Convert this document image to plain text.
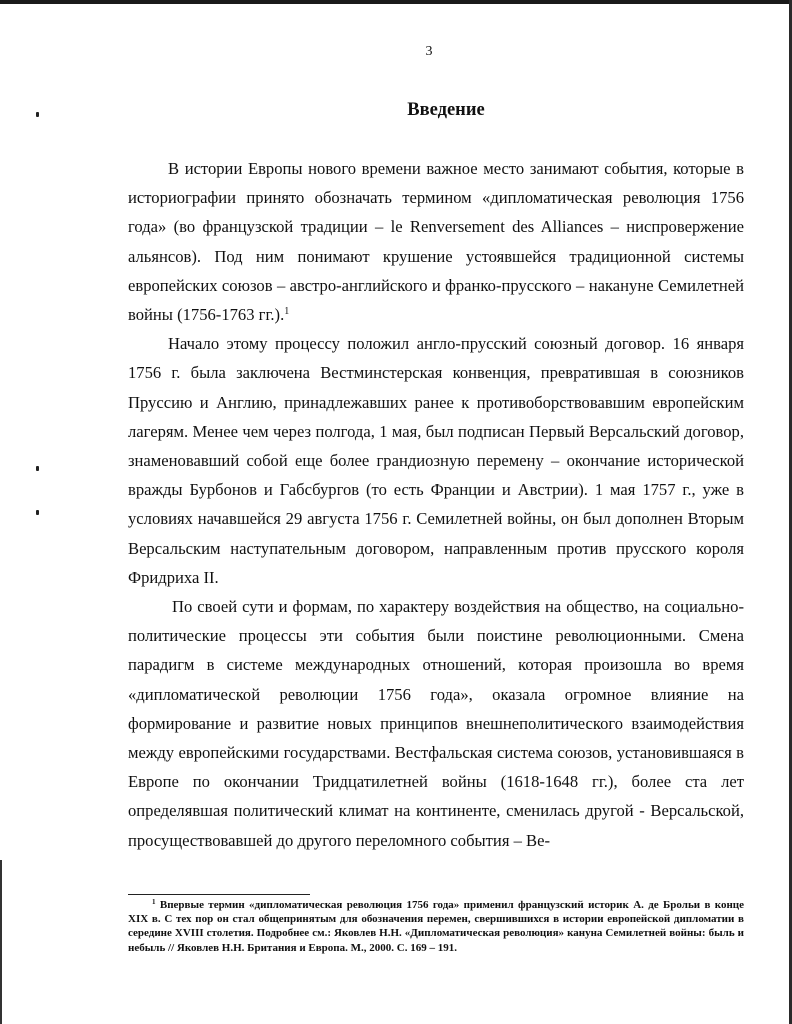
3
Введение

В истории Европы нового времени важное место занимают события, которые в историографии принято обозначать термином «дипломатическая революция 1756 года» (во французской традиции – le Renversement des Alliances – ниспровержение альянсов). Под ним понимают крушение устоявшейся традиционной системы европейских союзов – австро-английского и франко-прусского – накануне Семилетней войны (1756-1763 гг.).$^1$

Начало этому процессу положил англо-прусский союзный договор. 16 января 1756 г. была заключена Вестминстерская конвенция, превратившая в союзников Пруссию и Англию, принадлежавших ранее к противоборствовавшим европейским лагерям. Менее чем через полгода, 1 мая, был подписан Первый Версальский договор, знаменовавший собой еще более грандиозную перемену – окончание исторической вражды Бурбонов и Габсбургов (то есть Франции и Австрии). 1 мая 1757 г., уже в условиях начавшейся 29 августа 1756 г. Семилетней войны, он был дополнен Вторым Версальским наступательным договором, направленным против прусского короля Фридриха II.

По своей сути и формам, по характеру воздействия на общество, на социально-политические процессы эти события были поистине революционными. Смена парадигм в системе международных отношений, которая произошла во время «дипломатической революции 1756 года», оказала огромное влияние на формирование и развитие новых принципов внешнеполитического взаимодействия между европейскими государствами. Вестфальская система союзов, установившаяся в Европе по окончании Тридцатилетней войны (1618-1648 гг.), более ста лет определявшая политический климат на континенте, сменилась другой - Версальской, просуществовавшей до другого переломного события – Ве-

$^1$ Впервые термин «дипломатическая революция 1756 года» применил французский историк А. де Брольи в конце XIX в. С тех пор он стал общепринятым для обозначения перемен, свершившихся в истории европейской дипломатии в середине XVIII столетия. Подробнее см.: Яковлев Н.Н. «Дипломатическая революция» кануна Семилетней войны: быль и небыль // Яковлев Н.Н. Британия и Европа. М., 2000. С. 169 – 191.
